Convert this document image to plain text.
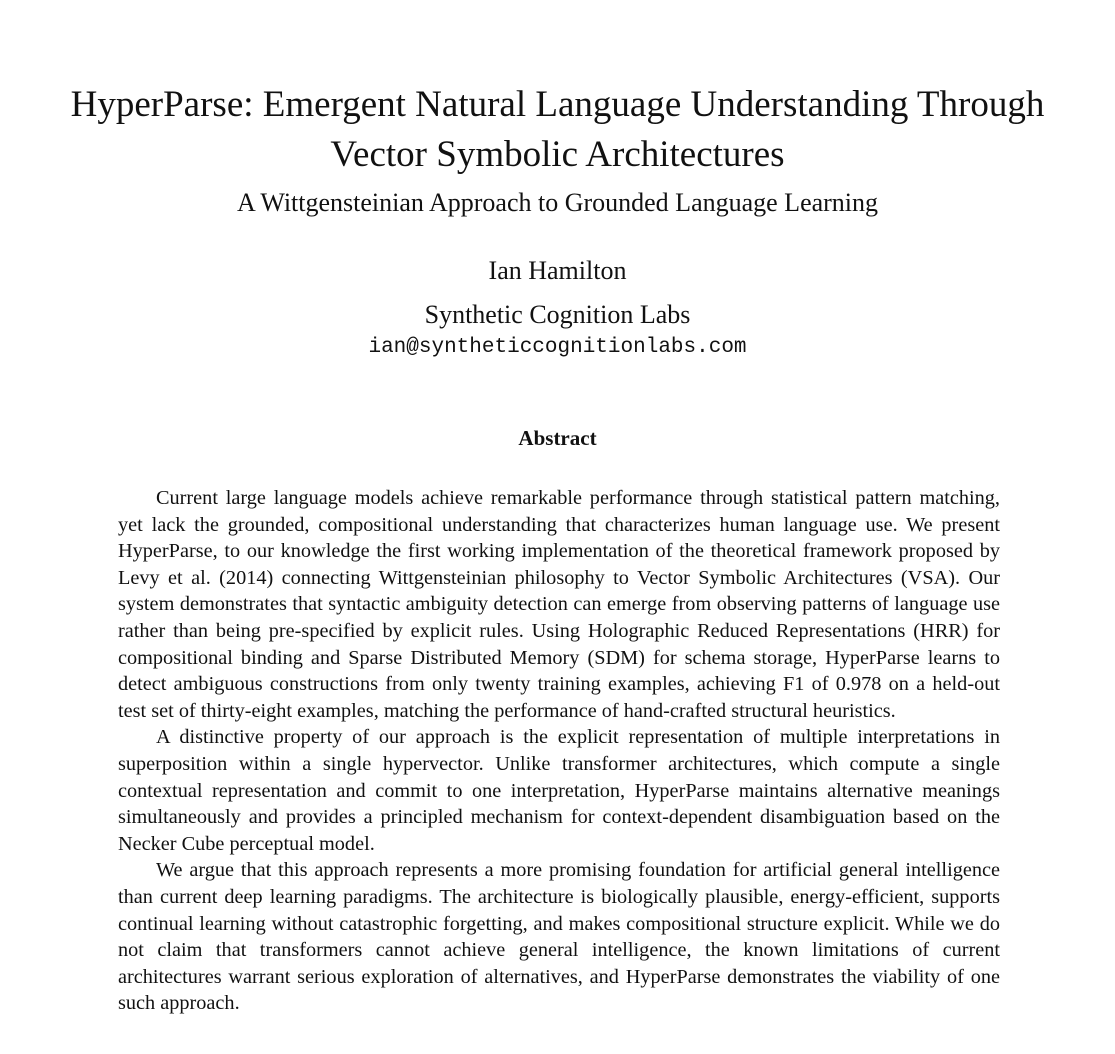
HyperParse: Emergent Natural Language Understanding Through
Vector Symbolic Architectures
A Wittgensteinian Approach to Grounded Language Learning
Ian Hamilton
Synthetic Cognition Labs
ian@syntheticcognitionlabs.com
Abstract

Current large language models achieve remarkable performance through statistical pattern matching, yet lack the grounded, compositional understanding that characterizes human language use. We present HyperParse, to our knowledge the first working implementation of the theoretical framework proposed by Levy et al. (2014) connecting Wittgensteinian philosophy to Vector Symbolic Architectures (VSA). Our system demonstrates that syntactic ambiguity detection can emerge from observing patterns of language use rather than being pre-specified by explicit rules. Using Holographic Reduced Representations (HRR) for compositional binding and Sparse Distributed Memory (SDM) for schema storage, HyperParse learns to detect ambiguous constructions from only twenty training examples, achieving F1 of 0.978 on a held-out test set of thirty-eight examples, matching the performance of hand-crafted structural heuristics.

A distinctive property of our approach is the explicit representation of multiple interpretations in superposition within a single hypervector. Unlike transformer architectures, which compute a single contextual representation and commit to one interpretation, HyperParse maintains alternative meanings simultaneously and provides a principled mechanism for context-dependent disambiguation based on the Necker Cube perceptual model.

We argue that this approach represents a more promising foundation for artificial general intelligence than current deep learning paradigms. The architecture is biologically plausible, energy-efficient, supports continual learning without catastrophic forgetting, and makes compositional structure explicit. While we do not claim that transformers cannot achieve general intelligence, the known limitations of current architectures warrant serious exploration of alternatives, and HyperParse demonstrates the viability of one such approach.
